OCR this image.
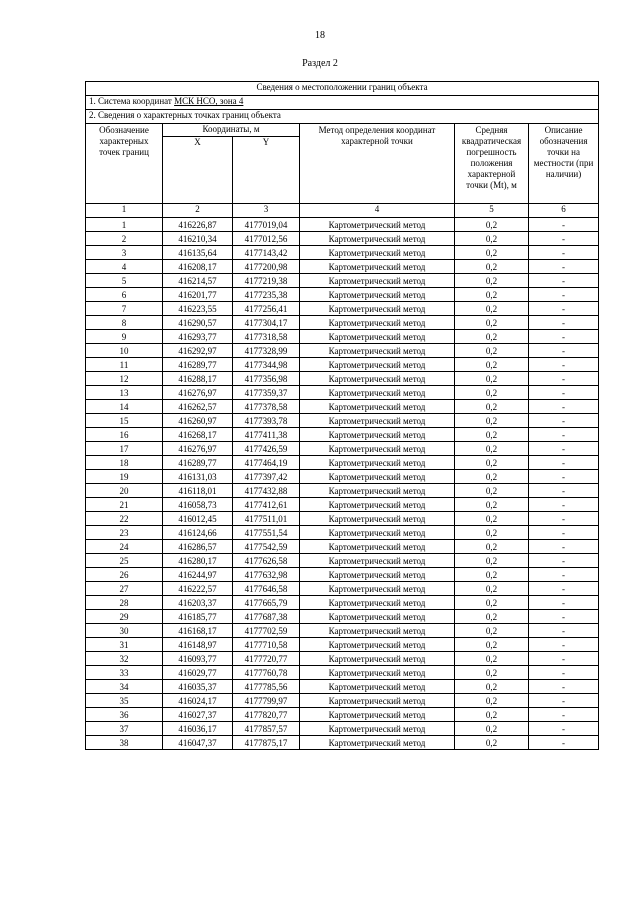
18
Раздел 2
Сведения о местоположении границ объекта					
1. Система координат МСК НСО, зона 4					
2. Сведения о характерных точках границ объекта					
Обозначение характерных точек границ	Координаты, м		Метод определения координат характерной точки	Средняя квадратическая погрешность положения характерной точки (Mt), м	Описание обозначения точки на местности (при наличии)
	X	Y			
1	2	3	4	5	6
1	416226,87	4177019,04	Картометрический метод	0,2	-
2	416210,34	4177012,56	Картометрический метод	0,2	-
3	416135,64	4177143,42	Картометрический метод	0,2	-
4	416208,17	4177200,98	Картометрический метод	0,2	-
5	416214,57	4177219,38	Картометрический метод	0,2	-
6	416201,77	4177235,38	Картометрический метод	0,2	-
7	416223,55	4177256,41	Картометрический метод	0,2	-
8	416290,57	4177304,17	Картометрический метод	0,2	-
9	416293,77	4177318,58	Картометрический метод	0,2	-
10	416292,97	4177328,99	Картометрический метод	0,2	-
11	416289,77	4177344,98	Картометрический метод	0,2	-
12	416288,17	4177356,98	Картометрический метод	0,2	-
13	416276,97	4177359,37	Картометрический метод	0,2	-
14	416262,57	4177378,58	Картометрический метод	0,2	-
15	416260,97	4177393,78	Картометрический метод	0,2	-
16	416268,17	4177411,38	Картометрический метод	0,2	-
17	416276,97	4177426,59	Картометрический метод	0,2	-
18	416289,77	4177464,19	Картометрический метод	0,2	-
19	416131,03	4177397,42	Картометрический метод	0,2	-
20	416118,01	4177432,88	Картометрический метод	0,2	-
21	416058,73	4177412,61	Картометрический метод	0,2	-
22	416012,45	4177511,01	Картометрический метод	0,2	-
23	416124,66	4177551,54	Картометрический метод	0,2	-
24	416286,57	4177542,59	Картометрический метод	0,2	-
25	416280,17	4177626,58	Картометрический метод	0,2	-
26	416244,97	4177632,98	Картометрический метод	0,2	-
27	416222,57	4177646,58	Картометрический метод	0,2	-
28	416203,37	4177665,79	Картометрический метод	0,2	-
29	416185,77	4177687,38	Картометрический метод	0,2	-
30	416168,17	4177702,59	Картометрический метод	0,2	-
31	416148,97	4177710,58	Картометрический метод	0,2	-
32	416093,77	4177720,77	Картометрический метод	0,2	-
33	416029,77	4177760,78	Картометрический метод	0,2	-
34	416035,37	4177785,56	Картометрический метод	0,2	-
35	416024,17	4177799,97	Картометрический метод	0,2	-
36	416027,37	4177820,77	Картометрический метод	0,2	-
37	416036,17	4177857,57	Картометрический метод	0,2	-
38	416047,37	4177875,17	Картометрический метод	0,2	-
